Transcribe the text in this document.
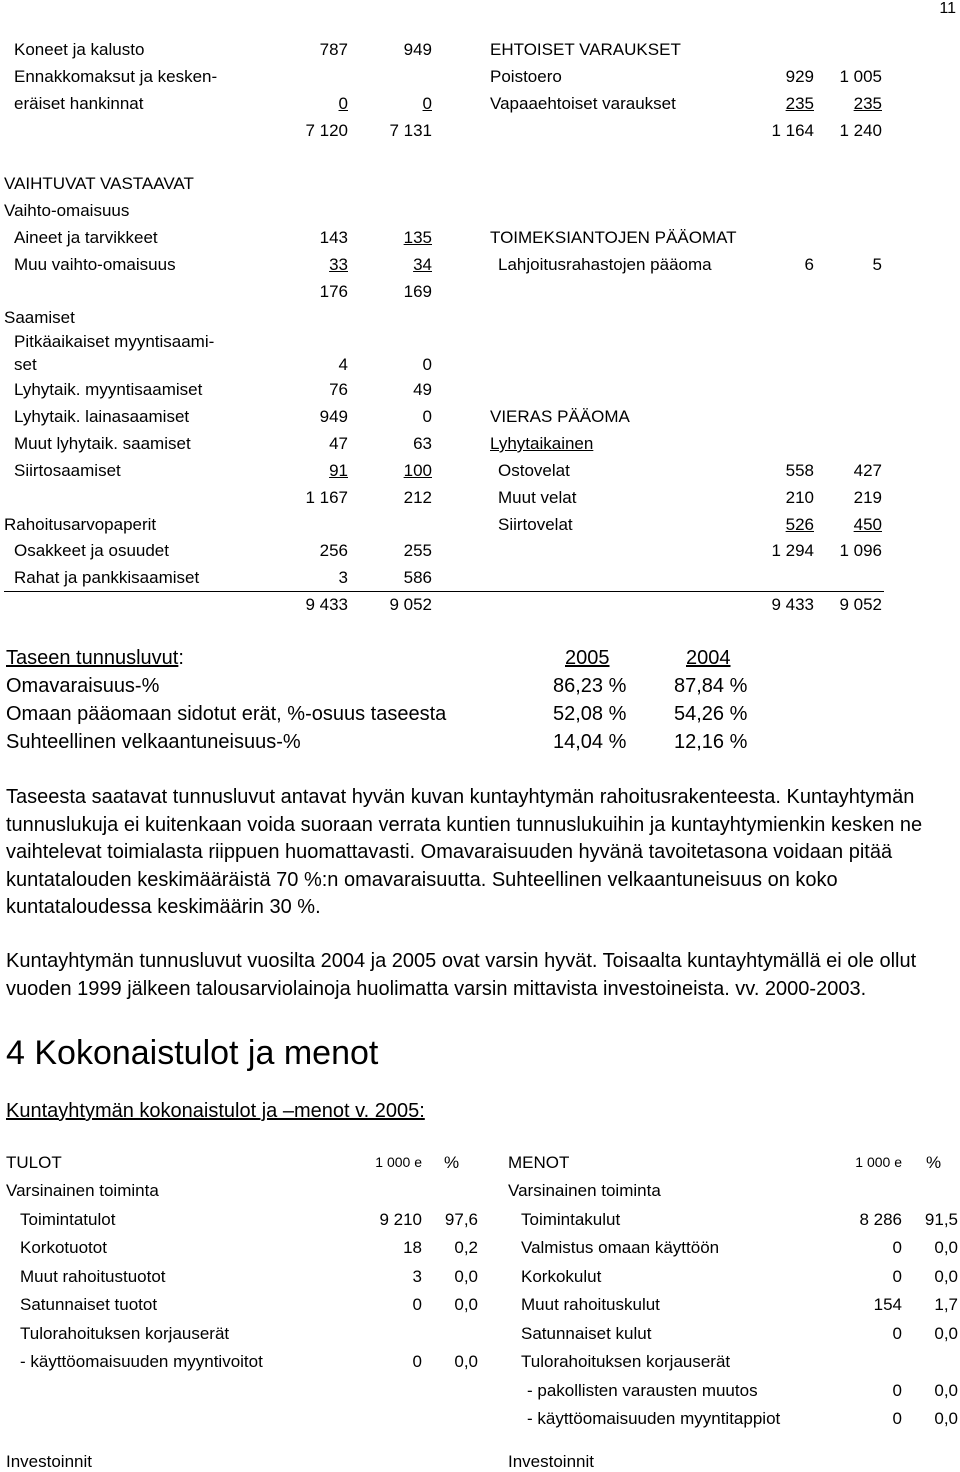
11
Koneet ja kalusto	787	949	EHTOISET VARAUKSET
Ennakkomaksut ja kesken-	Poistoero	929	1 005
eräiset hankinnat	0	0	Vapaaehtoiset varaukset	235	235
7 120	7 131	1 164	1 240
VAIHTUVAT VASTAAVAT
Vaihto-omaisuus
Aineet ja tarvikkeet	143	135	TOIMEKSIANTOJEN PÄÄOMAT
Muu vaihto-omaisuus	33	34	Lahjoitusrahastojen pääoma	6	5
176	169
Saamiset
Pitkäaikaiset myyntisaami-
set	4	0
Lyhytaik. myyntisaamiset	76	49
Lyhytaik. lainasaamiset	949	0	VIERAS PÄÄOMA
Muut lyhytaik. saamiset	47	63	Lyhytaikainen
Siirtosaamiset	91	100	Ostovelat	558	427
1 167	212	Muut velat	210	219
Rahoitusarvopaperit	Siirtovelat	526	450
Osakkeet ja osuudet	256	255	1 294	1 096
Rahat ja pankkisaamiset	3	586
9 433	9 052	9 433	9 052
Taseen tunnusluvut:	2005	2004
Omavaraisuus-%	86,23 % 87,84 %
Omaan pääomaan sidotut erät, %-osuus taseesta	52,08 % 54,26 %
Suhteellinen velkaantuneisuus-%	14,04 % 12,16 %

Taseesta saatavat tunnusluvut antavat hyvän kuvan kuntayhtymän rahoitusrakenteesta. Kuntayhtymän tunnuslukuja ei kuitenkaan voida suoraan verrata kuntien tunnuslukuihin ja kuntayhtymienkin kesken ne vaihtelevat toimialasta riippuen huomattavasti. Omavaraisuuden hyvänä tavoitetasona voidaan pitää kuntatalouden keskimääräistä 70 %:n omavaraisuutta. Suhteellinen velkaantuneisuus on koko kuntataloudessa keskimäärin 30 %.

Kuntayhtymän tunnusluvut vuosilta 2004 ja 2005 ovat varsin hyvät. Toisaalta kuntayhtymällä ei ole ollut vuoden 1999 jälkeen talousarviolainoja huolimatta varsin mittavista investoineista. vv. 2000-2003.

4 Kokonaistulot ja menot
Kuntayhtymän kokonaistulot ja –menot v. 2005:
TULOT	1 000 e %
Varsinainen toiminta
Toimintatulot	9 210	97,6
Korkotuotot	18	0,2
Muut rahoitustuotot	3	0,0
Satunnaiset tuotot	0	0,0
Tulorahoituksen korjauserät
- käyttöomaisuuden myyntivoitot	0	0,0
Investoinnit
MENOT	1 000 e %
Varsinainen toiminta
Toimintakulut	8 286	91,5
Valmistus omaan käyttöön	0	0,0
Korkokulut	0	0,0
Muut rahoituskulut	154	1,7
Satunnaiset kulut	0	0,0
Tulorahoituksen korjauserät
- pakollisten varausten muutos	0	0,0
- käyttöomaisuuden myyntitappiot	0	0,0
Investoinnit
